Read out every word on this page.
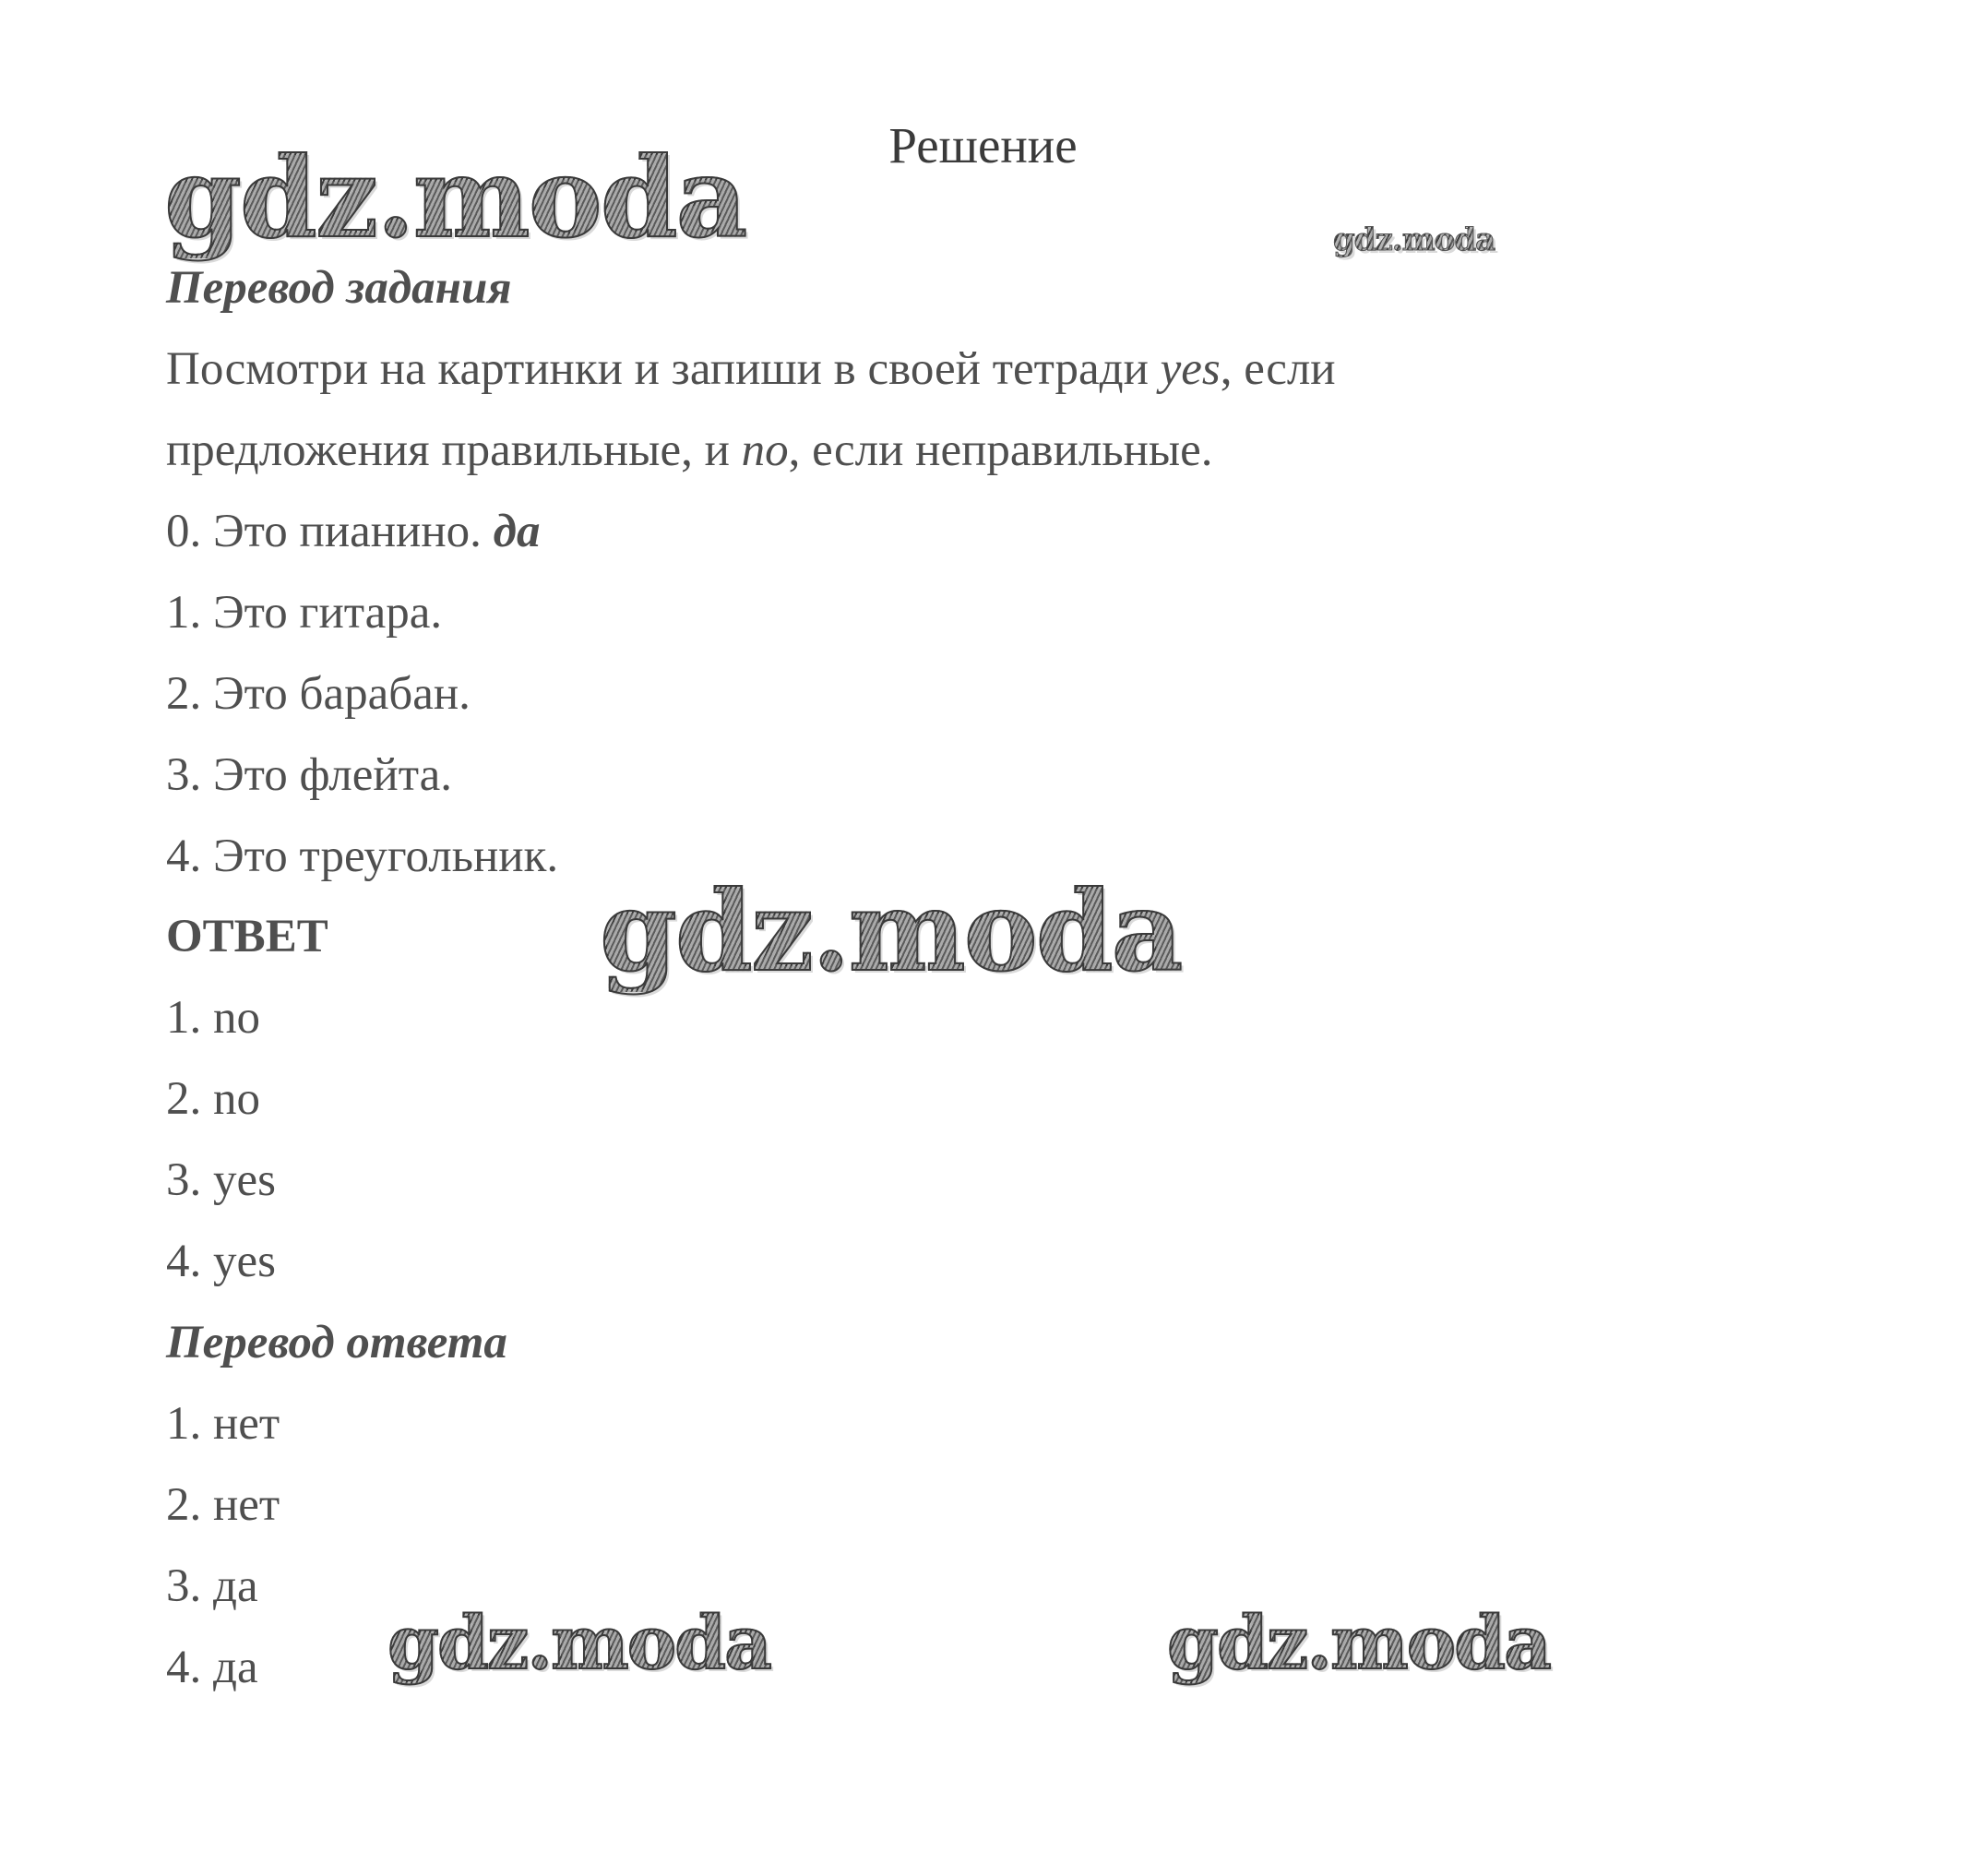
Решение
Перевод задания
Посмотри на картинки и запиши в своей тетради yes, если
предложения правильные, и no, если неправильные.
0. Это пианино. да
1. Это гитара.
2. Это барабан.
3. Это флейта.
4. Это треугольник.
ОТВЕТ
1. no
2. no
3. yes
4. yes
Перевод ответа
1. нет
2. нет
3. да
4. да
gdz.moda	gdz.moda
gdz.moda
gdz.moda	gdz.moda
